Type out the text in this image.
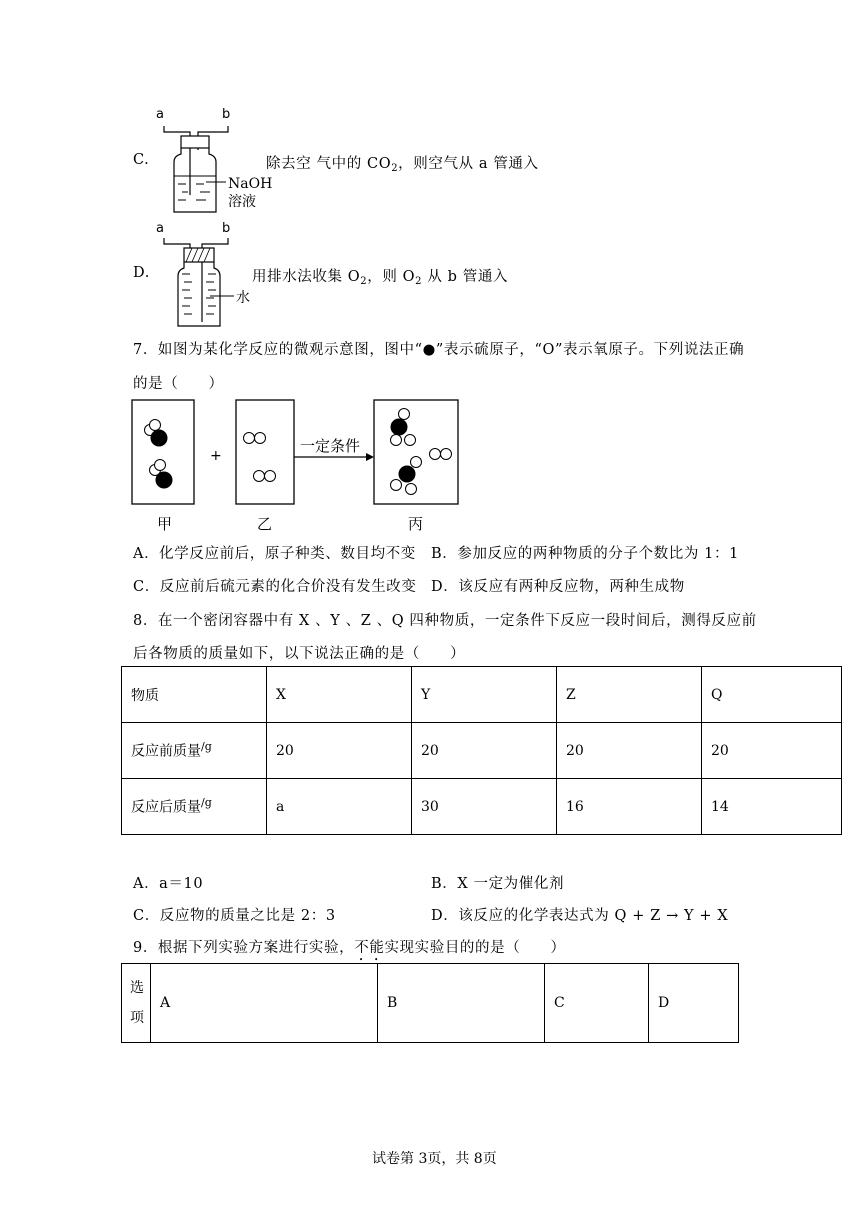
C.
a	b
NaOH
溶液
除去空 气中的 $CO_2$，则空气从 a 管通入
D.
a	b
水
用排水法收集 $O_2$，则 $O_2$ 从 b 管通入
7．如图为某化学反应的微观示意图，图中“●”表示硫原子，“O”表示氧原子。下列说法正确
的是（　　）
+
一定条件
甲	乙	丙
A．化学反应前后，原子种类、数目均不变 B．参加反应的两种物质的分子个数比为 1：1
C．反应前后硫元素的化合价没有发生改变 D．该反应有两种反应物，两种生成物
8．在一个密闭容器中有 X 、Y 、Z 、Q 四种物质，一定条件下反应一段时间后，测得反应前
后各物质的质量如下，以下说法正确的是（　　）
物质	X	Y	Z	Q
反应前质量$^{/g}$	20	20	20	20
反应后质量$^{/g}$	a	30	16	14
A．a＝10	B．X 一定为催化剂
C．反应物的质量之比是 2：3	D．该反应的化学表达式为 Q + Z → Y + X
9．根据下列实验方案进行实验，不能实现实验目的的是（　　）
选
项
	A	B	C	D
试卷第 3页，共 8页
